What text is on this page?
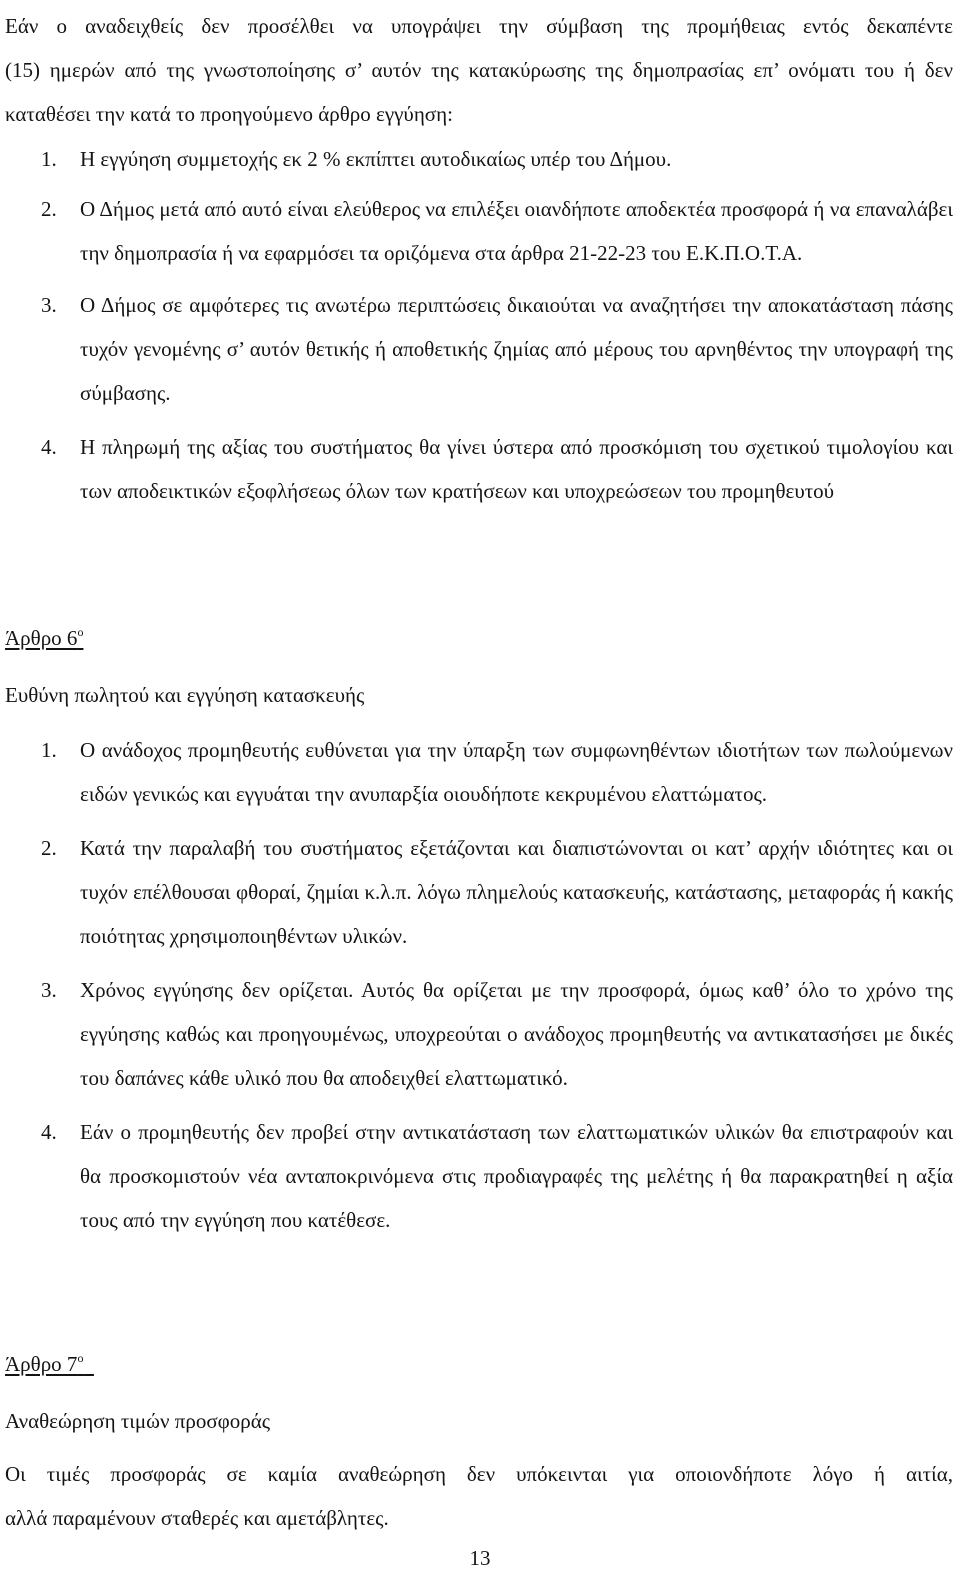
Εάν ο αναδειχθείς δεν προσέλθει να υπογράψει την σύμβαση της προμήθειας εντός δεκαπέντε
(15) ημερών από της γνωστοποίησης σ’ αυτόν της κατακύρωσης της δημοπρασίας επ’ ονόματι του ή δεν καταθέσει την κατά το προηγούμενο άρθρο εγγύηση:

1. Η εγγύηση συμμετοχής εκ 2 % εκπίπτει αυτοδικαίως υπέρ του Δήμου.
2. Ο Δήμος μετά από αυτό είναι ελεύθερος να επιλέξει οιανδήποτε αποδεκτέα προσφορά ή να επαναλάβει την δημοπρασία ή να εφαρμόσει τα οριζόμενα στα άρθρα 21-22-23 του Ε.Κ.Π.Ο.Τ.Α.
3. Ο Δήμος σε αμφότερες τις ανωτέρω περιπτώσεις δικαιούται να αναζητήσει την αποκατάσταση πάσης τυχόν γενομένης σ’ αυτόν θετικής ή αποθετικής ζημίας από μέρους του αρνηθέντος την υπογραφή της σύμβασης.
4. Η πληρωμή της αξίας του συστήματος θα γίνει ύστερα από προσκόμιση του σχετικού τιμολογίου και των αποδεικτικών εξοφλήσεως όλων των κρατήσεων και υποχρεώσεων του προμηθευτού
Άρθρο $6^o$
Ευθύνη πωλητού και εγγύηση κατασκευής
1. Ο ανάδοχος προμηθευτής ευθύνεται για την ύπαρξη των συμφωνηθέντων ιδιοτήτων των πωλούμενων ειδών γενικώς και εγγυάται την ανυπαρξία οιουδήποτε κεκρυμένου ελαττώματος.
2. Κατά την παραλαβή του συστήματος εξετάζονται και διαπιστώνονται οι κατ’ αρχήν ιδιότητες και οι τυχόν επέλθουσαι φθοραί, ζημίαι κ.λ.π. λόγω πλημελούς κατασκευής, κατάστασης, μεταφοράς ή κακής ποιότητας χρησιμοποιηθέντων υλικών.
3. Χρόνος εγγύησης δεν ορίζεται. Αυτός θα ορίζεται με την προσφορά, όμως καθ’ όλο το χρόνο της εγγύησης καθώς και προηγουμένως, υποχρεούται ο ανάδοχος προμηθευτής να αντικατασήσει με δικές του δαπάνες κάθε υλικό που θα αποδειχθεί ελαττωματικό.
4. Εάν ο προμηθευτής δεν προβεί στην αντικατάσταση των ελαττωματικών υλικών θα επιστραφούν και θα προσκομιστούν νέα ανταποκρινόμενα στις προδιαγραφές της μελέτης ή θα παρακρατηθεί η αξία τους από την εγγύηση που κατέθεσε.
Άρθρο $7^o$
Αναθεώρηση τιμών προσφοράς

Οι τιμές προσφοράς σε καμία αναθεώρηση δεν υπόκεινται για οποιονδήποτε λόγο ή αιτία,
αλλά παραμένουν σταθερές και αμετάβλητες.

13
